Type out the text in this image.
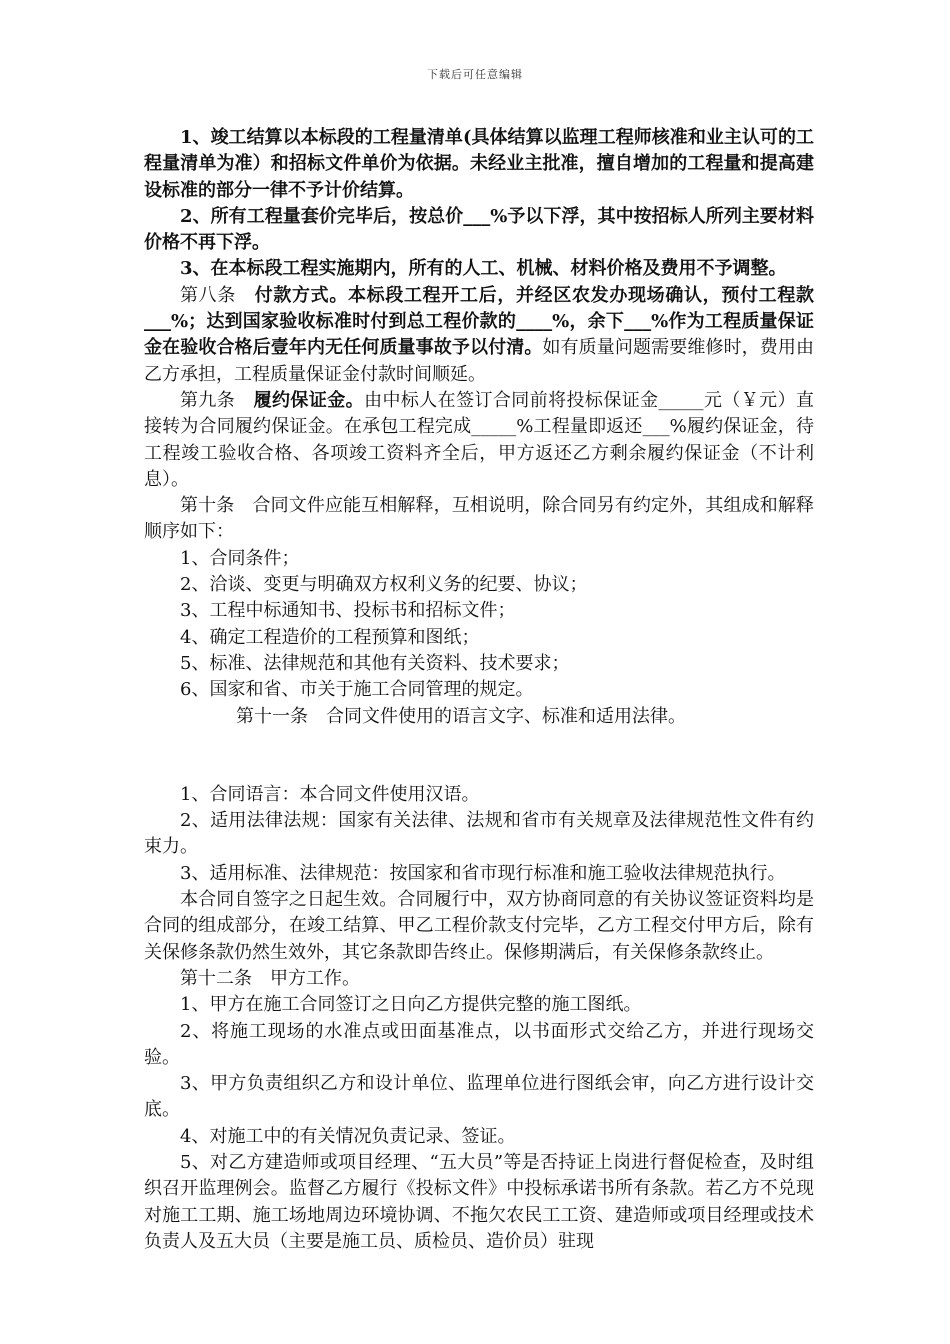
下载后可任意编辑

1、竣工结算以本标段的工程量清单(具体结算以监理工程师核准和业主认可的工程量清单为准）和招标文件单价为依据。未经业主批准，擅自增加的工程量和提高建设标准的部分一律不予计价结算。

2、所有工程量套价完毕后，按总价___%予以下浮，其中按招标人所列主要材料价格不再下浮。

3、在本标段工程实施期内，所有的人工、机械、材料价格及费用不予调整。

第八条　付款方式。本标段工程开工后，并经区农发办现场确认，预付工程款___%；达到国家验收标准时付到总工程价款的____%，余下___%作为工程质量保证金在验收合格后壹年内无任何质量事故予以付清。如有质量问题需要维修时，费用由乙方承担，工程质量保证金付款时间顺延。

第九条　履约保证金。由中标人在签订合同前将投标保证金_____元（￥元）直接转为合同履约保证金。在承包工程完成_____%工程量即返还___%履约保证金，待工程竣工验收合格、各项竣工资料齐全后，甲方返还乙方剩余履约保证金（不计利息）。

第十条　合同文件应能互相解释，互相说明，除合同另有约定外，其组成和解释顺序如下：

1、合同条件；

2、洽谈、变更与明确双方权利义务的纪要、协议；

3、工程中标通知书、投标书和招标文件；

4、确定工程造价的工程预算和图纸；

5、标准、法律规范和其他有关资料、技术要求；

6、国家和省、市关于施工合同管理的规定。

第十一条　合同文件使用的语言文字、标准和适用法律。

1、合同语言：本合同文件使用汉语。

2、适用法律法规：国家有关法律、法规和省市有关规章及法律规范性文件有约束力。

3、适用标准、法律规范：按国家和省市现行标准和施工验收法律规范执行。

本合同自签字之日起生效。合同履行中，双方协商同意的有关协议签证资料均是合同的组成部分，在竣工结算、甲乙工程价款支付完毕，乙方工程交付甲方后，除有关保修条款仍然生效外，其它条款即告终止。保修期满后，有关保修条款终止。

第十二条　甲方工作。

1、甲方在施工合同签订之日向乙方提供完整的施工图纸。

2、将施工现场的水准点或田面基准点，以书面形式交给乙方，并进行现场交验。

3、甲方负责组织乙方和设计单位、监理单位进行图纸会审，向乙方进行设计交底。

4、对施工中的有关情况负责记录、签证。

5、对乙方建造师或项目经理、“五大员”等是否持证上岗进行督促检查，及时组织召开监理例会。监督乙方履行《投标文件》中投标承诺书所有条款。若乙方不兑现对施工工期、施工场地周边环境协调、不拖欠农民工工资、建造师或项目经理或技术负责人及五大员（主要是施工员、质检员、造价员）驻现
